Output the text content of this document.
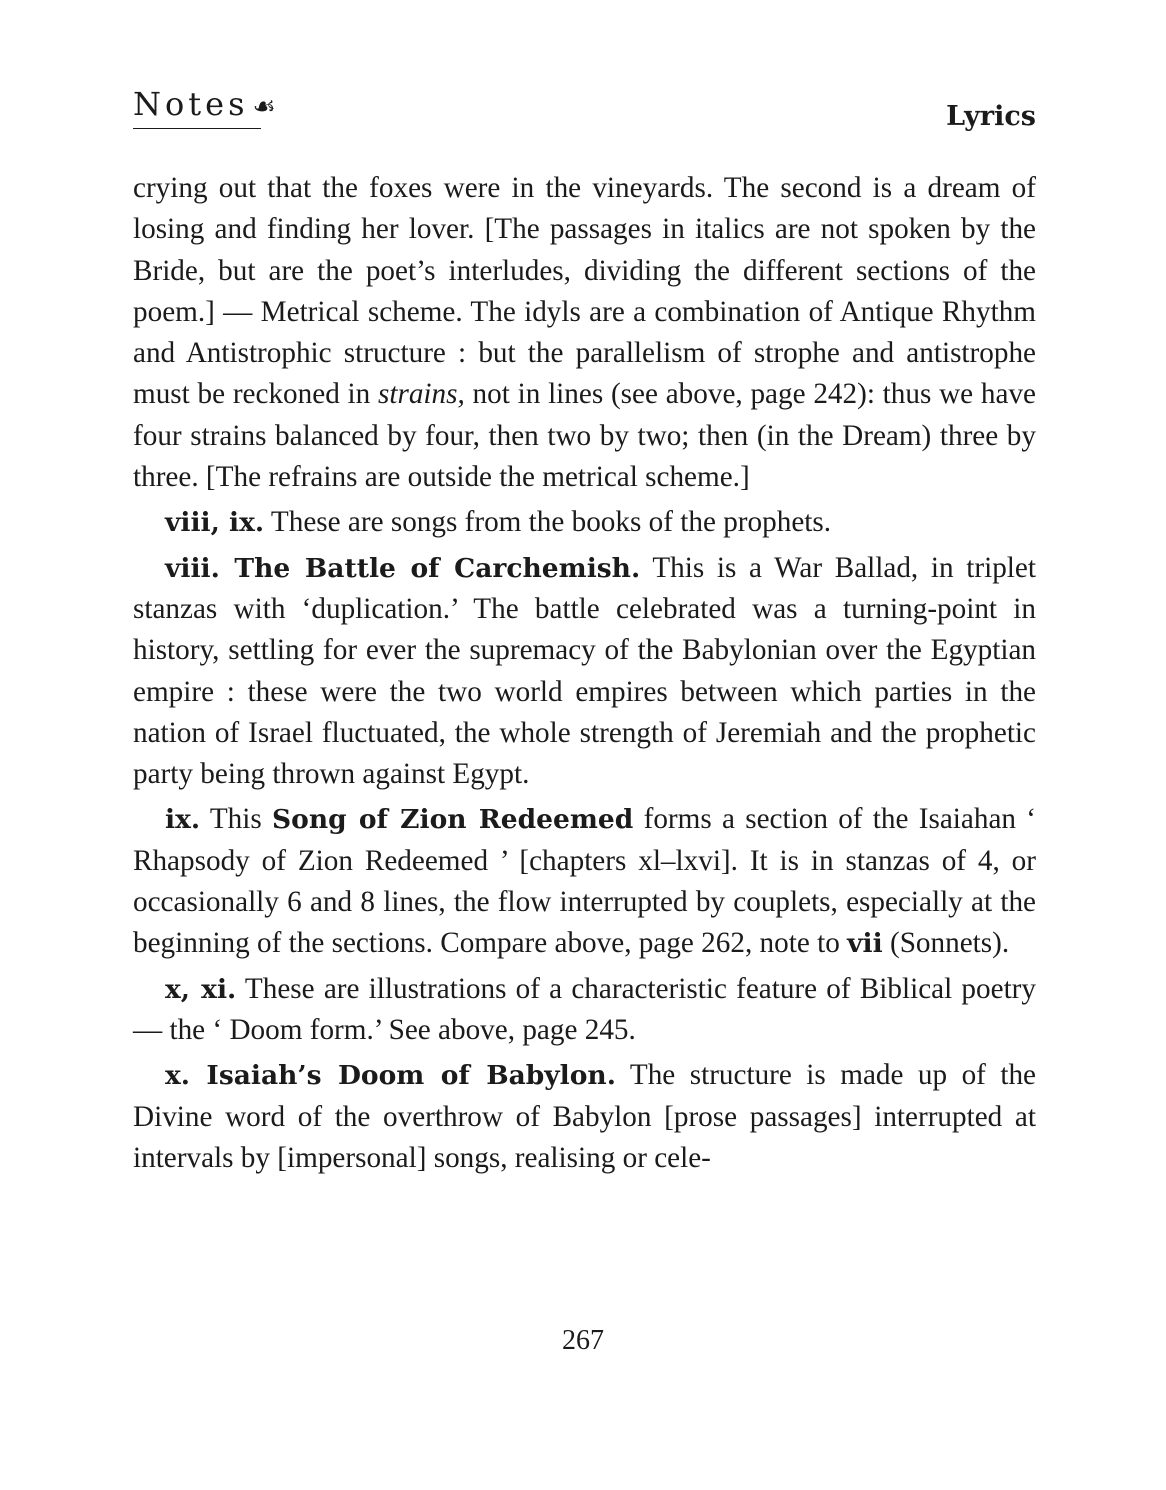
Notes ☙	Lyrics

crying out that the foxes were in the vineyards. The second is a dream of losing and finding her lover. [The passages in italics are not spoken by the Bride, but are the poet’s interludes, dividing the different sections of the poem.] — Metrical scheme. The idyls are a combination of Antique Rhythm and Antistrophic structure : but the parallelism of strophe and antistrophe must be reckoned in strains, not in lines (see above, page 242): thus we have four strains balanced by four, then two by two; then (in the Dream) three by three. [The refrains are outside the metrical scheme.]

viii, ix. These are songs from the books of the prophets.

viii. The Battle of Carchemish. This is a War Ballad, in triplet stanzas with ‘duplication.’ The battle celebrated was a turning-point in history, settling for ever the supremacy of the Babylonian over the Egyptian empire : these were the two world empires between which parties in the nation of Israel fluctuated, the whole strength of Jeremiah and the prophetic party being thrown against Egypt.

ix. This Song of Zion Redeemed forms a section of the Isaiahan ‘ Rhapsody of Zion Redeemed ’ [chapters xl–lxvi]. It is in stanzas of 4, or occasionally 6 and 8 lines, the flow interrupted by couplets, especially at the beginning of the sections. Compare above, page 262, note to vii (Sonnets).

x, xi. These are illustrations of a characteristic feature of Biblical poetry — the ‘ Doom form.’ See above, page 245.

x. Isaiah’s Doom of Babylon. The structure is made up of the Divine word of the overthrow of Babylon [prose passages] interrupted at intervals by [impersonal] songs, realising or cele-

267
